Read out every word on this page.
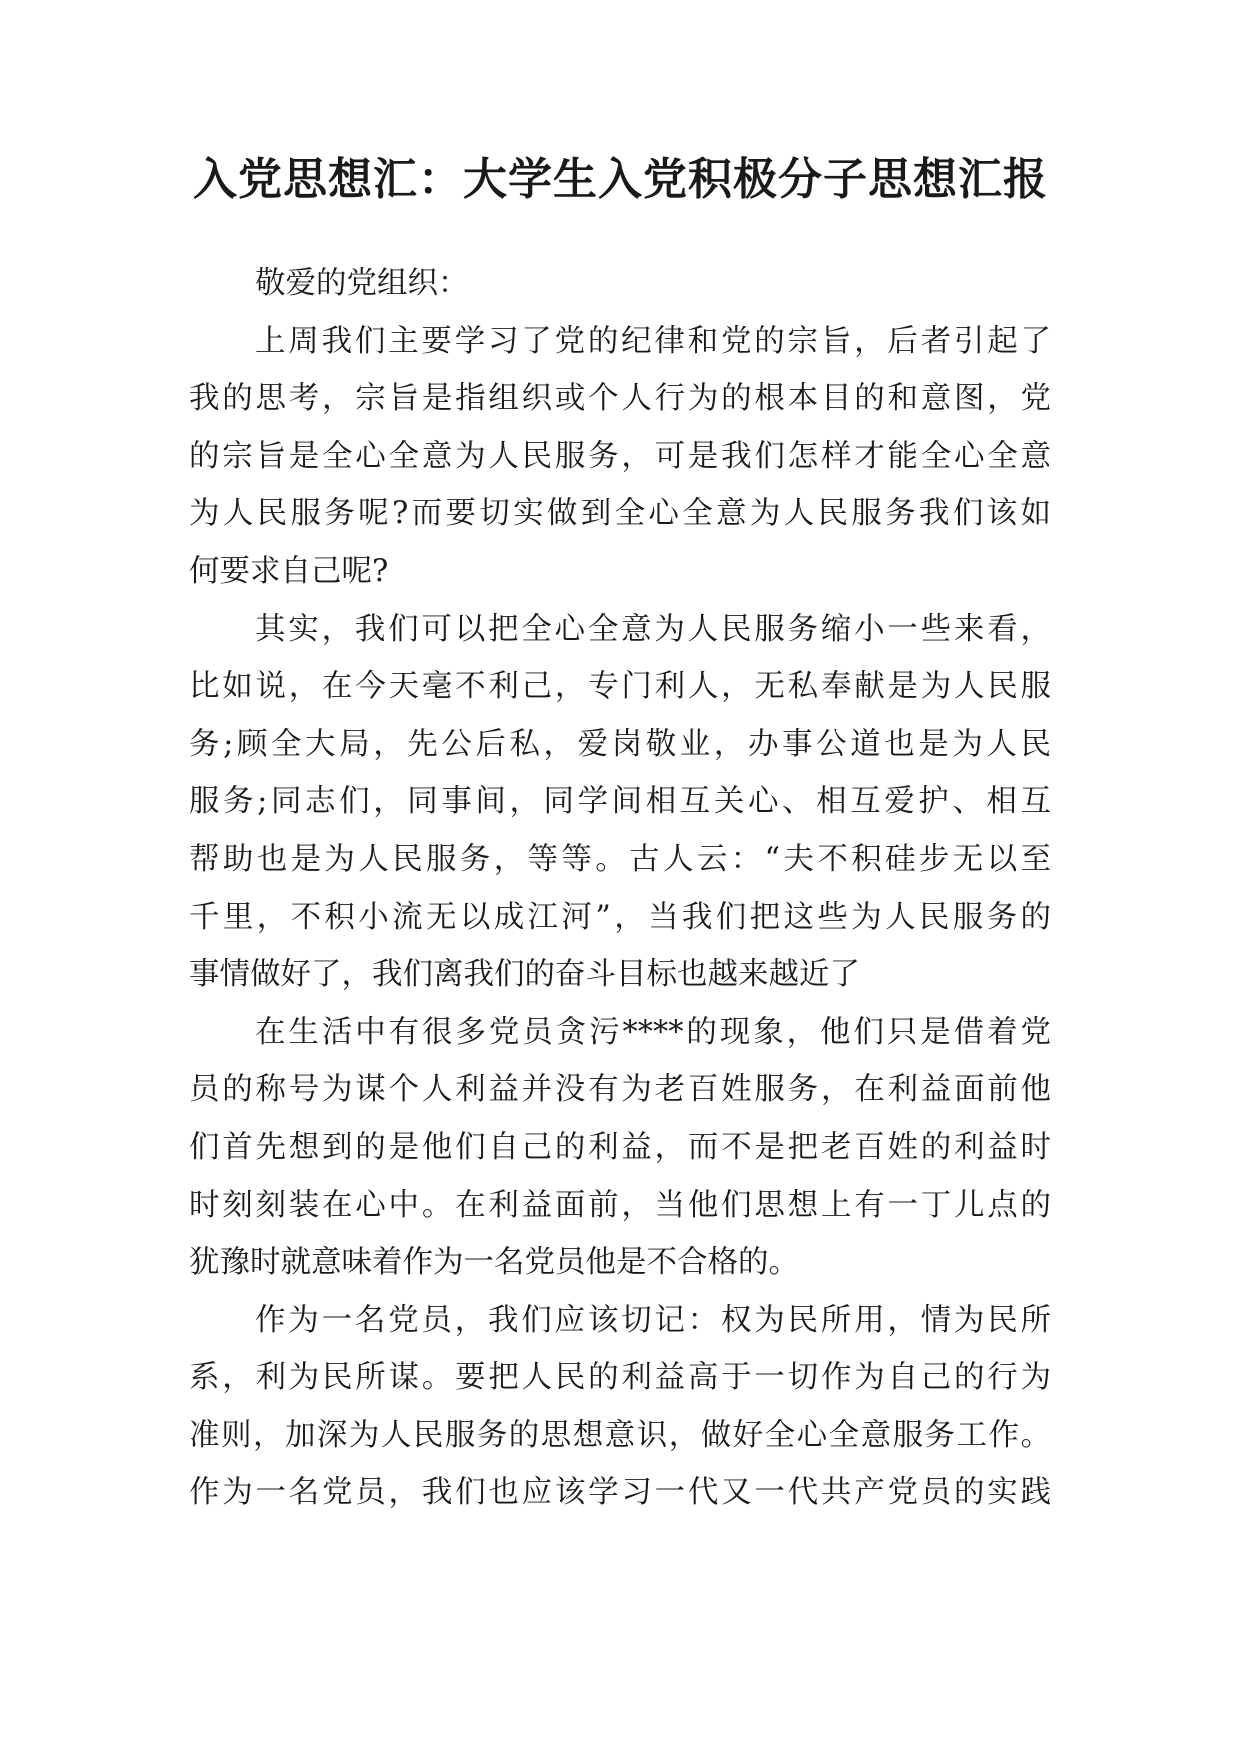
入党思想汇：大学生入党积极分子思想汇报
敬爱的党组织：
上周我们主要学习了党的纪律和党的宗旨，后者引起了
我的思考，宗旨是指组织或个人行为的根本目的和意图，党
的宗旨是全心全意为人民服务，可是我们怎样才能全心全意
为人民服务呢?而要切实做到全心全意为人民服务我们该如
何要求自己呢?
其实，我们可以把全心全意为人民服务缩小一些来看，
比如说，在今天毫不利己，专门利人，无私奉献是为人民服
务;顾全大局，先公后私，爱岗敬业，办事公道也是为人民
服务;同志们，同事间，同学间相互关心、相互爱护、相互
帮助也是为人民服务，等等。古人云：“夫不积硅步无以至
千里，不积小流无以成江河”，当我们把这些为人民服务的
事情做好了，我们离我们的奋斗目标也越来越近了
在生活中有很多党员贪污****的现象，他们只是借着党
员的称号为谋个人利益并没有为老百姓服务，在利益面前他
们首先想到的是他们自己的利益，而不是把老百姓的利益时
时刻刻装在心中。在利益面前，当他们思想上有一丁儿点的
犹豫时就意味着作为一名党员他是不合格的。
作为一名党员，我们应该切记：权为民所用，情为民所
系，利为民所谋。要把人民的利益高于一切作为自己的行为
准则，加深为人民服务的思想意识，做好全心全意服务工作。
作为一名党员，我们也应该学习一代又一代共产党员的实践
